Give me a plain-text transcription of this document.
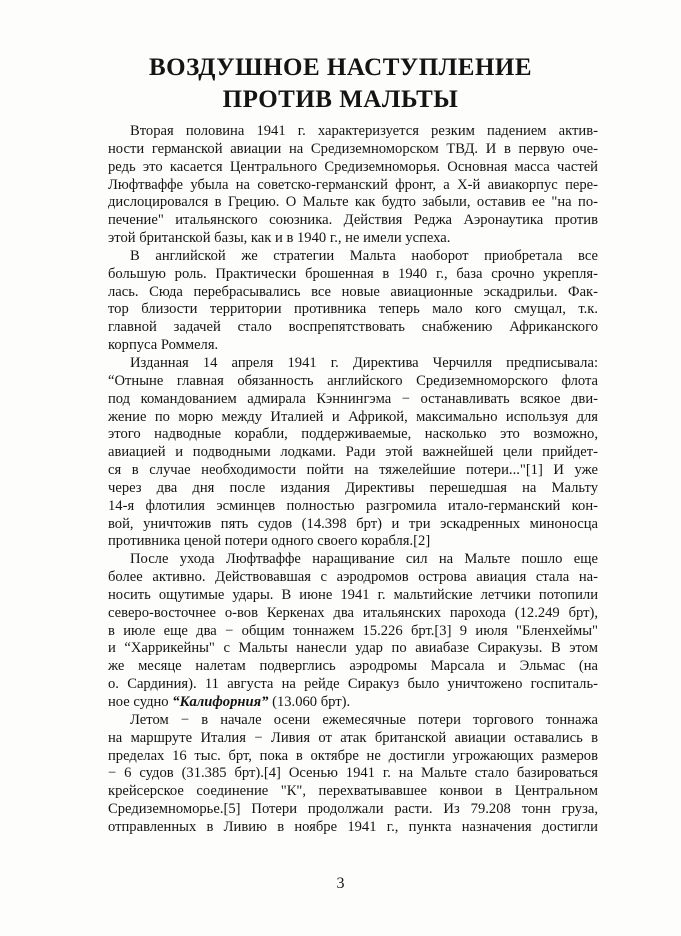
ВОЗДУШНОЕ НАСТУПЛЕНИЕ
ПРОТИВ МАЛЬТЫ

Вторая половина 1941 г. характеризуется резким падением актив-
ности германской авиации на Средиземноморском ТВД. И в первую оче-
редь это касается Центрального Средиземноморья. Основная масса частей
Люфтваффе убыла на советско-германский фронт, а X-й авиакорпус пере-
дислоцировался в Грецию. О Мальте как будто забыли, оставив ее "на по-
печение" итальянского союзника. Действия Реджа Аэронаутика против
этой британской базы, как и в 1940 г., не имели успеха.

В английской же стратегии Мальта наоборот приобретала все
большую роль. Практически брошенная в 1940 г., база срочно укрепля-
лась. Сюда перебрасывались все новые авиационные эскадрильи. Фак-
тор близости территории противника теперь мало кого смущал, т.к.
главной задачей стало воспрепятствовать снабжению Африканского
корпуса Роммеля.

Изданная 14 апреля 1941 г. Директива Черчилля предписывала:
“Отныне главная обязанность английского Средиземноморского флота
под командованием адмирала Кэннингэма − останавливать всякое дви-
жение по морю между Италией и Африкой, максимально используя для
этого надводные корабли, поддерживаемые, насколько это возможно,
авиацией и подводными лодками. Ради этой важнейшей цели прийдет-
ся в случае необходимости пойти на тяжелейшие потери..."[1] И уже
через два дня после издания Директивы перешедшая на Мальту
14-я флотилия эсминцев полностью разгромила итало-германский кон-
вой, уничтожив пять судов (14.398 брт) и три эскадренных миноносца
противника ценой потери одного своего корабля.[2]

После ухода Люфтваффе наращивание сил на Мальте пошло еще
более активно. Действовавшая с аэродромов острова авиация стала на-
носить ощутимые удары. В июне 1941 г. мальтийские летчики потопили
северо-восточнее о-вов Керкенах два итальянских парохода (12.249 брт),
в июле еще два − общим тоннажем 15.226 брт.[3] 9 июля "Бленхеймы"
и “Харрикейны" с Мальты нанесли удар по авиабазе Сиракузы. В этом
же месяце налетам подверглись аэродромы Марсала и Эльмас (на
о. Сардиния). 11 августа на рейде Сиракуз было уничтожено госпиталь-
ное судно “Калифорния” (13.060 брт).

Летом − в начале осени ежемесячные потери торгового тоннажа
на маршруте Италия − Ливия от атак британской авиации оставались в
пределах 16 тыс. брт, пока в октябре не достигли угрожающих размеров
− 6 судов (31.385 брт).[4] Осенью 1941 г. на Мальте стало базироваться
крейсерское соединение "К", перехватывавшее конвои в Центральном
Средиземноморье.[5] Потери продолжали расти. Из 79.208 тонн груза,
отправленных в Ливию в ноябре 1941 г., пункта назначения достигли

3
